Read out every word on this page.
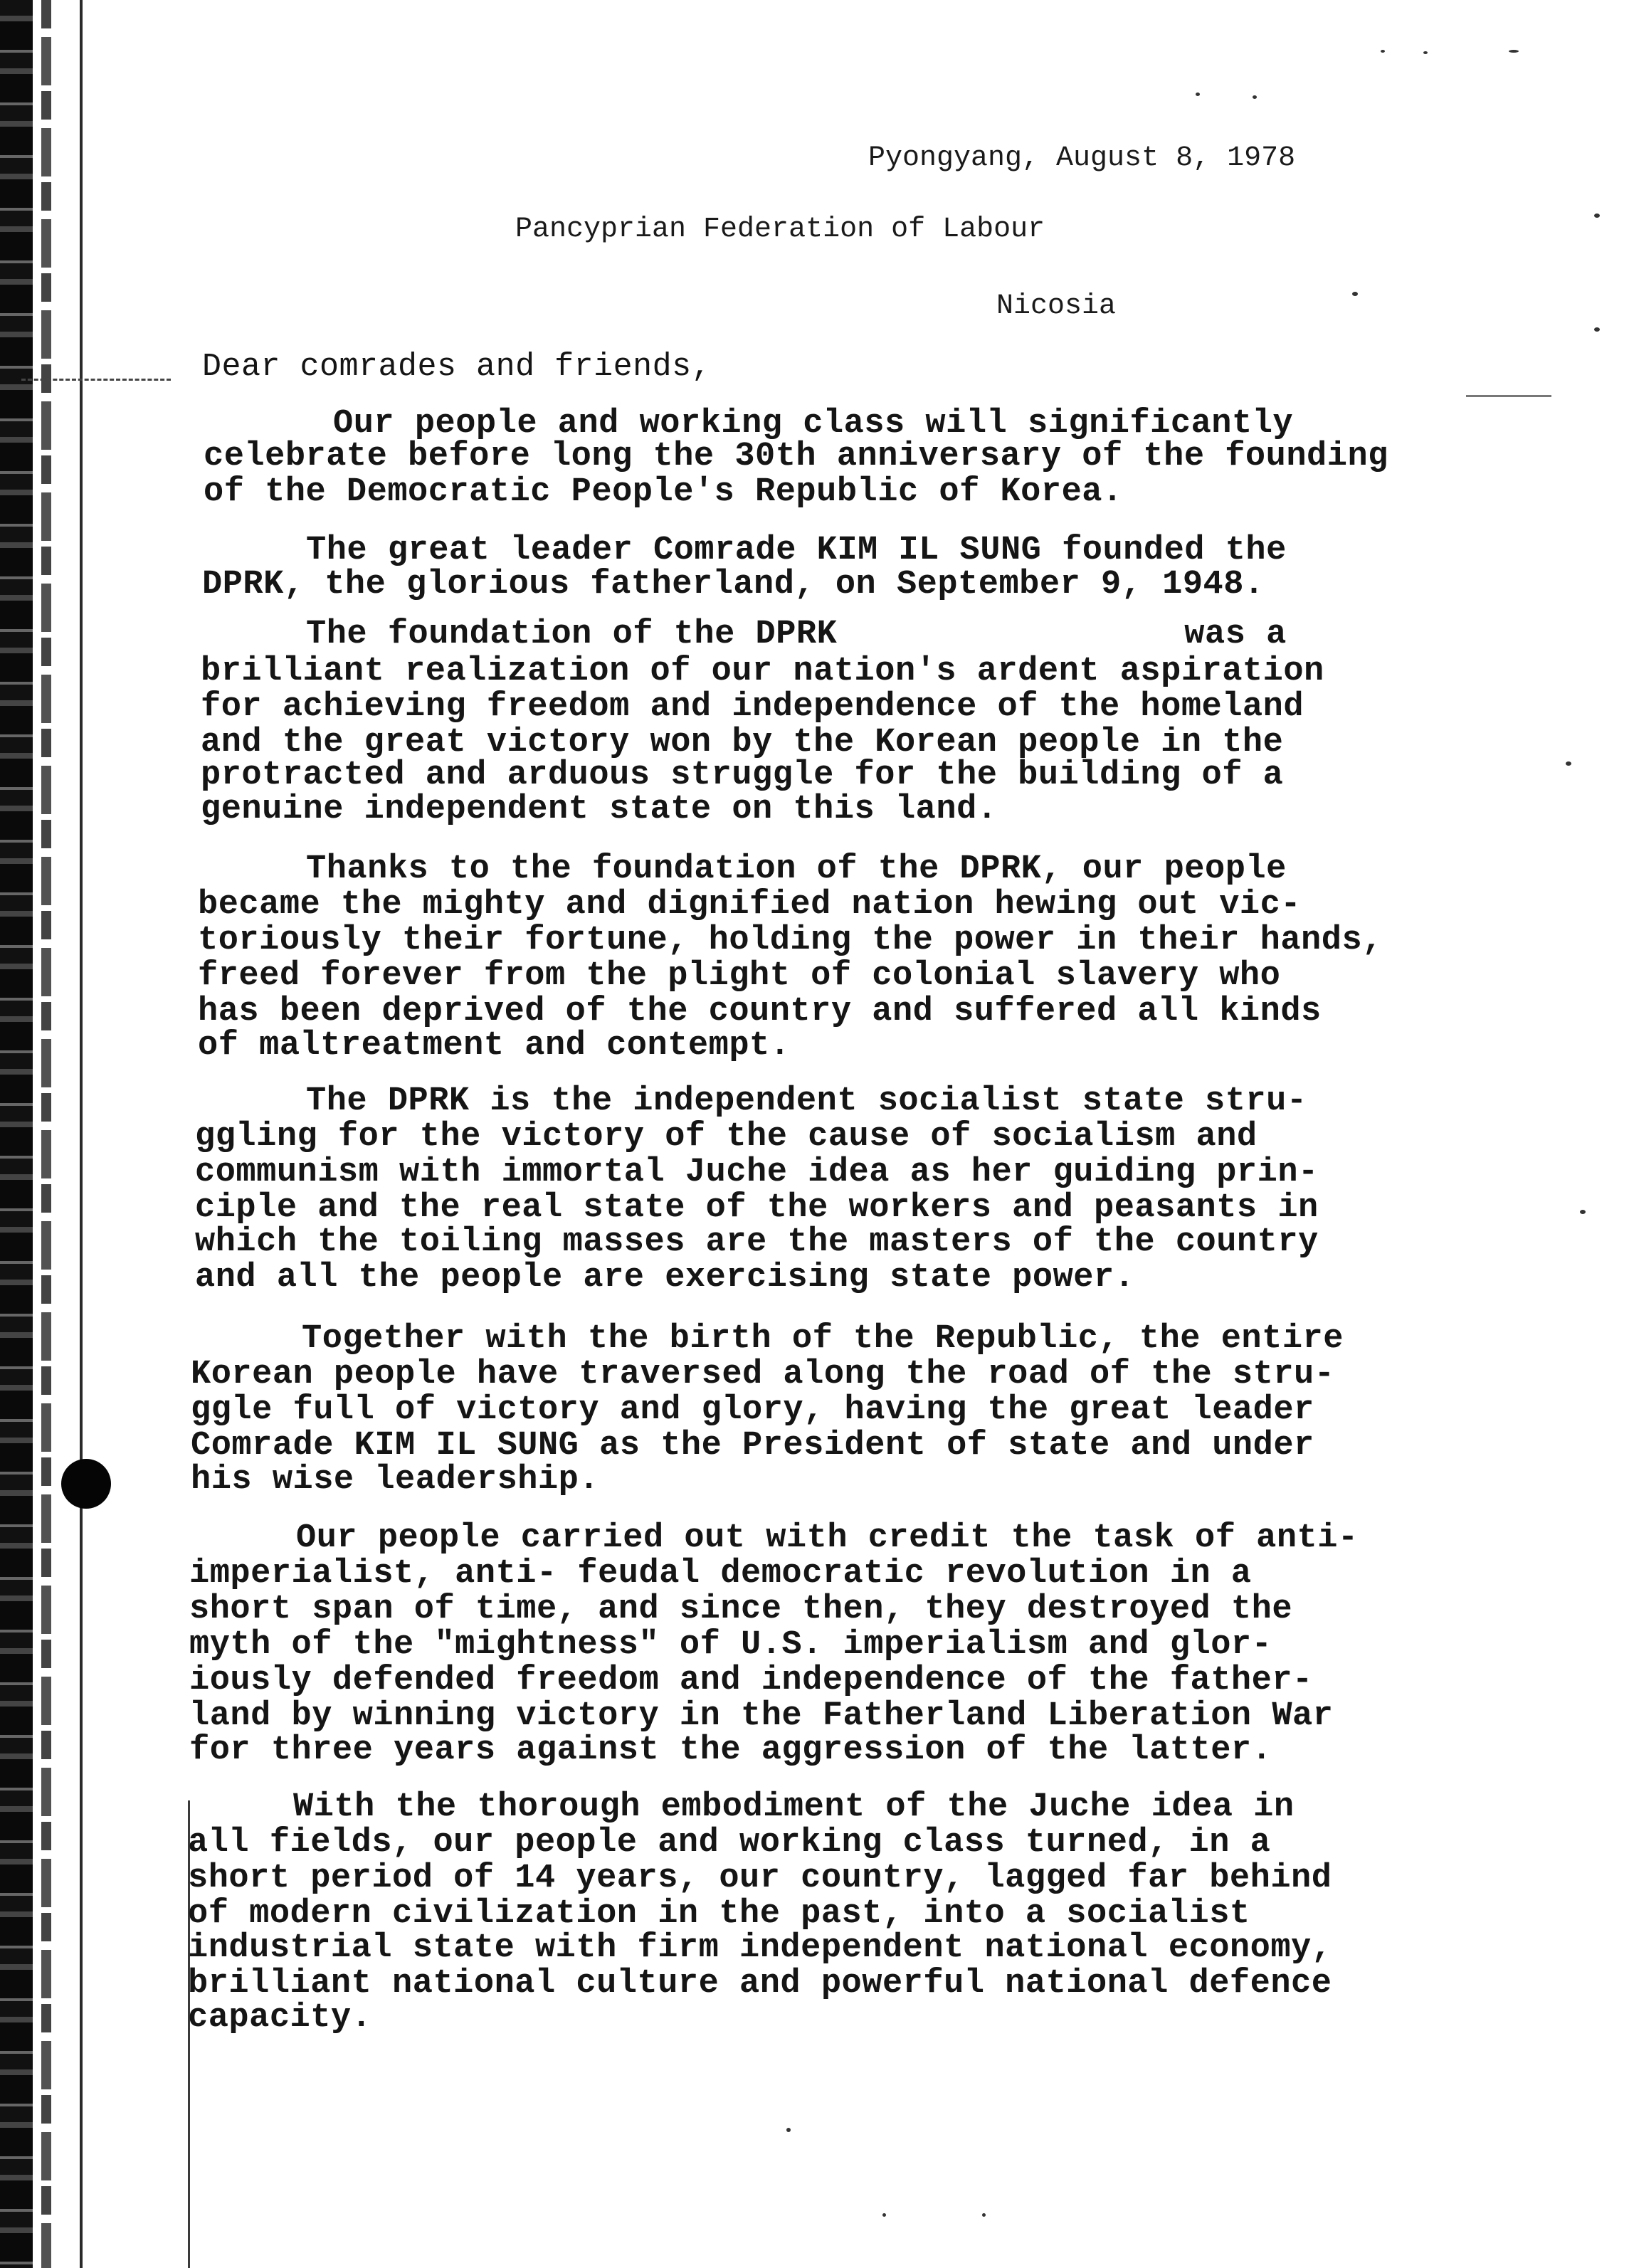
Pyongyang, August 8, 1978
Pancyprian Federation of Labour
Nicosia
Dear comrades and friends,
Our people and working class will significantly
celebrate before long the 30th anniversary of the founding
of the Democratic People's Republic of Korea.
The great leader Comrade KIM IL SUNG founded the
DPRK, the glorious fatherland, on September 9, 1948.
The foundation of the DPRK                 was a
brilliant realization of our nation's ardent aspiration
for achieving freedom and independence of the homeland
and the great victory won by the Korean people in the
protracted and arduous struggle for the building of a
genuine independent state on this land.
Thanks to the foundation of the DPRK, our people
became the mighty and dignified nation hewing out vic-
toriously their fortune, holding the power in their hands,
freed forever from the plight of colonial slavery who
has been deprived of the country and suffered all kinds
of maltreatment and contempt.
The DPRK is the independent socialist state stru-
ggling for the victory of the cause of socialism and
communism with immortal Juche idea as her guiding prin-
ciple and the real state of the workers and peasants in
which the toiling masses are the masters of the country
and all the people are exercising state power.
Together with the birth of the Republic, the entire
Korean people have traversed along the road of the stru-
ggle full of victory and glory, having the great leader
Comrade KIM IL SUNG as the President of state and under
his wise leadership.
Our people carried out with credit the task of anti-
imperialist, anti- feudal democratic revolution in a
short span of time, and since then, they destroyed the
myth of the "mightness" of U.S. imperialism and glor-
iously defended freedom and independence of the father-
land by winning victory in the Fatherland Liberation War
for three years against the aggression of the latter.
With the thorough embodiment of the Juche idea in
all fields, our people and working class turned, in a
short period of 14 years, our country, lagged far behind
of modern civilization in the past, into a socialist
industrial state with firm independent national economy,
brilliant national culture and powerful national defence
capacity.
